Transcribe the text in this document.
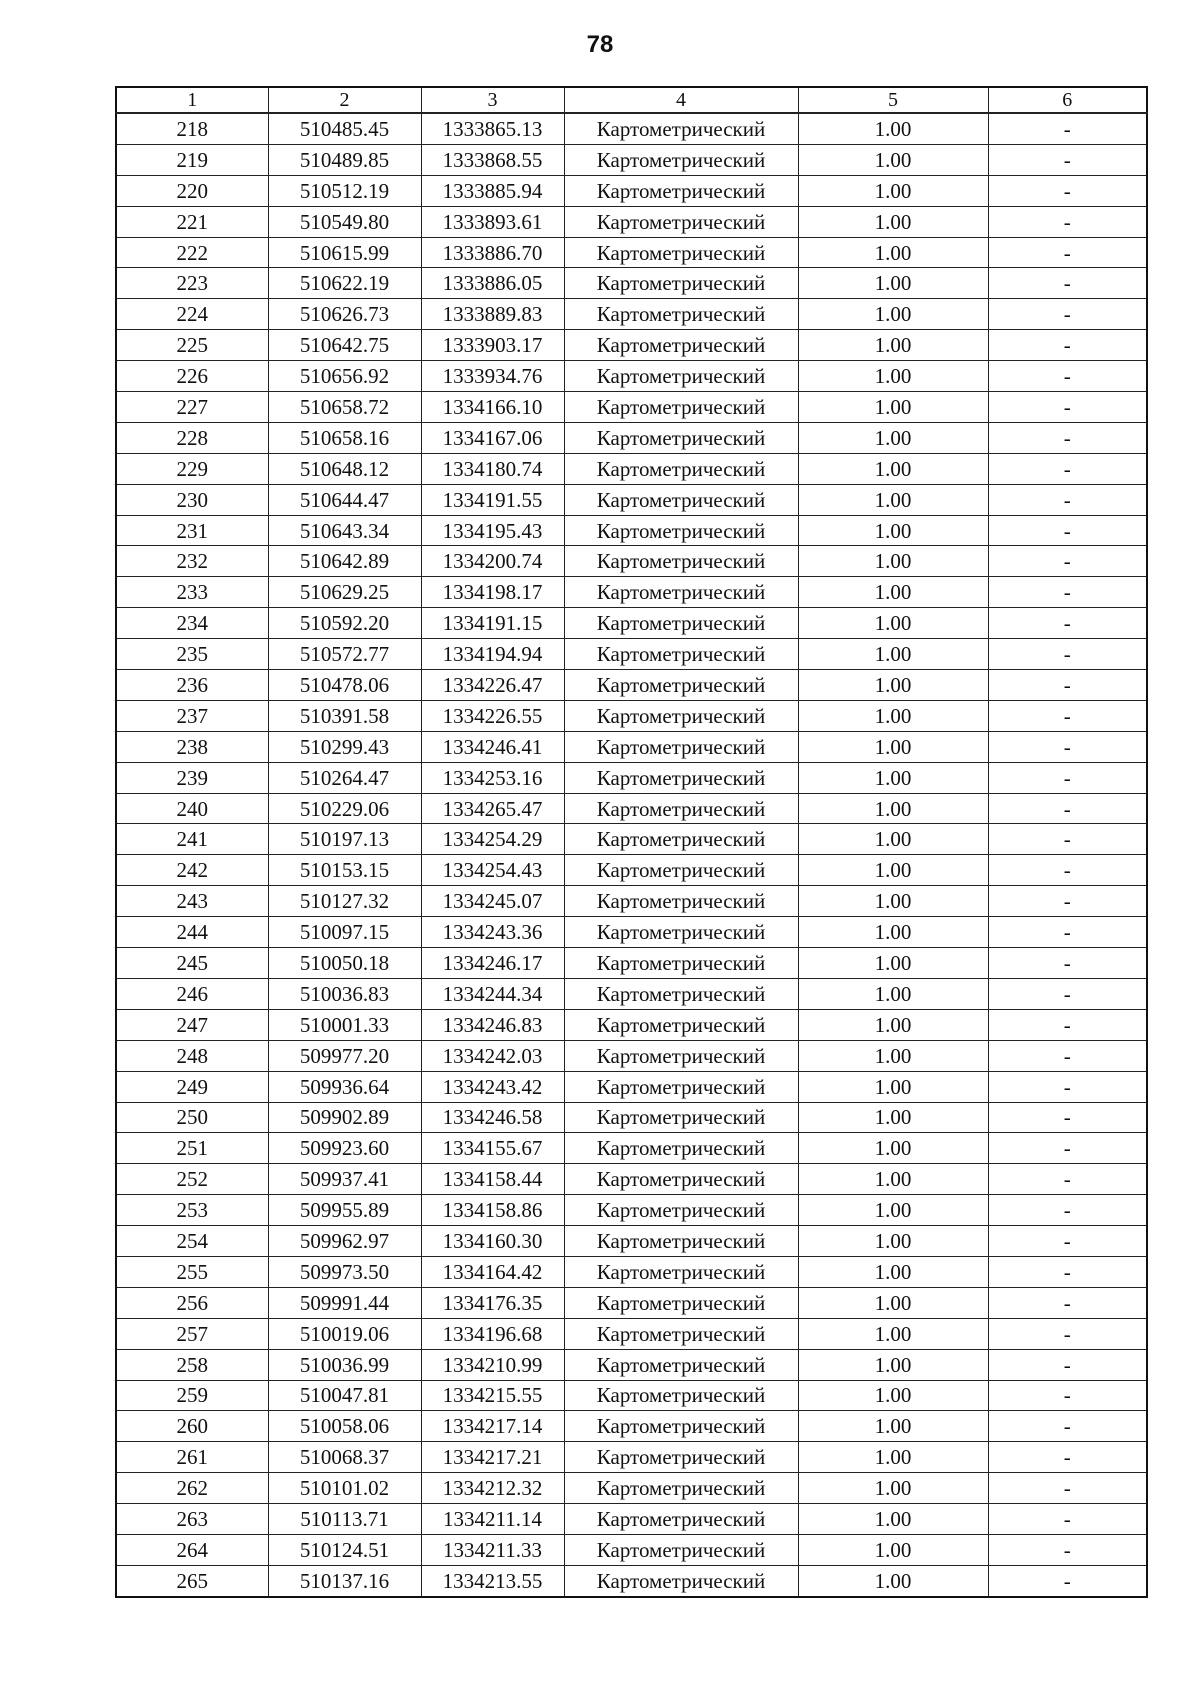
78
1	2	3	4	5	6
218	510485.45	1333865.13	Картометрический	1.00	-
219	510489.85	1333868.55	Картометрический	1.00	-
220	510512.19	1333885.94	Картометрический	1.00	-
221	510549.80	1333893.61	Картометрический	1.00	-
222	510615.99	1333886.70	Картометрический	1.00	-
223	510622.19	1333886.05	Картометрический	1.00	-
224	510626.73	1333889.83	Картометрический	1.00	-
225	510642.75	1333903.17	Картометрический	1.00	-
226	510656.92	1333934.76	Картометрический	1.00	-
227	510658.72	1334166.10	Картометрический	1.00	-
228	510658.16	1334167.06	Картометрический	1.00	-
229	510648.12	1334180.74	Картометрический	1.00	-
230	510644.47	1334191.55	Картометрический	1.00	-
231	510643.34	1334195.43	Картометрический	1.00	-
232	510642.89	1334200.74	Картометрический	1.00	-
233	510629.25	1334198.17	Картометрический	1.00	-
234	510592.20	1334191.15	Картометрический	1.00	-
235	510572.77	1334194.94	Картометрический	1.00	-
236	510478.06	1334226.47	Картометрический	1.00	-
237	510391.58	1334226.55	Картометрический	1.00	-
238	510299.43	1334246.41	Картометрический	1.00	-
239	510264.47	1334253.16	Картометрический	1.00	-
240	510229.06	1334265.47	Картометрический	1.00	-
241	510197.13	1334254.29	Картометрический	1.00	-
242	510153.15	1334254.43	Картометрический	1.00	-
243	510127.32	1334245.07	Картометрический	1.00	-
244	510097.15	1334243.36	Картометрический	1.00	-
245	510050.18	1334246.17	Картометрический	1.00	-
246	510036.83	1334244.34	Картометрический	1.00	-
247	510001.33	1334246.83	Картометрический	1.00	-
248	509977.20	1334242.03	Картометрический	1.00	-
249	509936.64	1334243.42	Картометрический	1.00	-
250	509902.89	1334246.58	Картометрический	1.00	-
251	509923.60	1334155.67	Картометрический	1.00	-
252	509937.41	1334158.44	Картометрический	1.00	-
253	509955.89	1334158.86	Картометрический	1.00	-
254	509962.97	1334160.30	Картометрический	1.00	-
255	509973.50	1334164.42	Картометрический	1.00	-
256	509991.44	1334176.35	Картометрический	1.00	-
257	510019.06	1334196.68	Картометрический	1.00	-
258	510036.99	1334210.99	Картометрический	1.00	-
259	510047.81	1334215.55	Картометрический	1.00	-
260	510058.06	1334217.14	Картометрический	1.00	-
261	510068.37	1334217.21	Картометрический	1.00	-
262	510101.02	1334212.32	Картометрический	1.00	-
263	510113.71	1334211.14	Картометрический	1.00	-
264	510124.51	1334211.33	Картометрический	1.00	-
265	510137.16	1334213.55	Картометрический	1.00	-
